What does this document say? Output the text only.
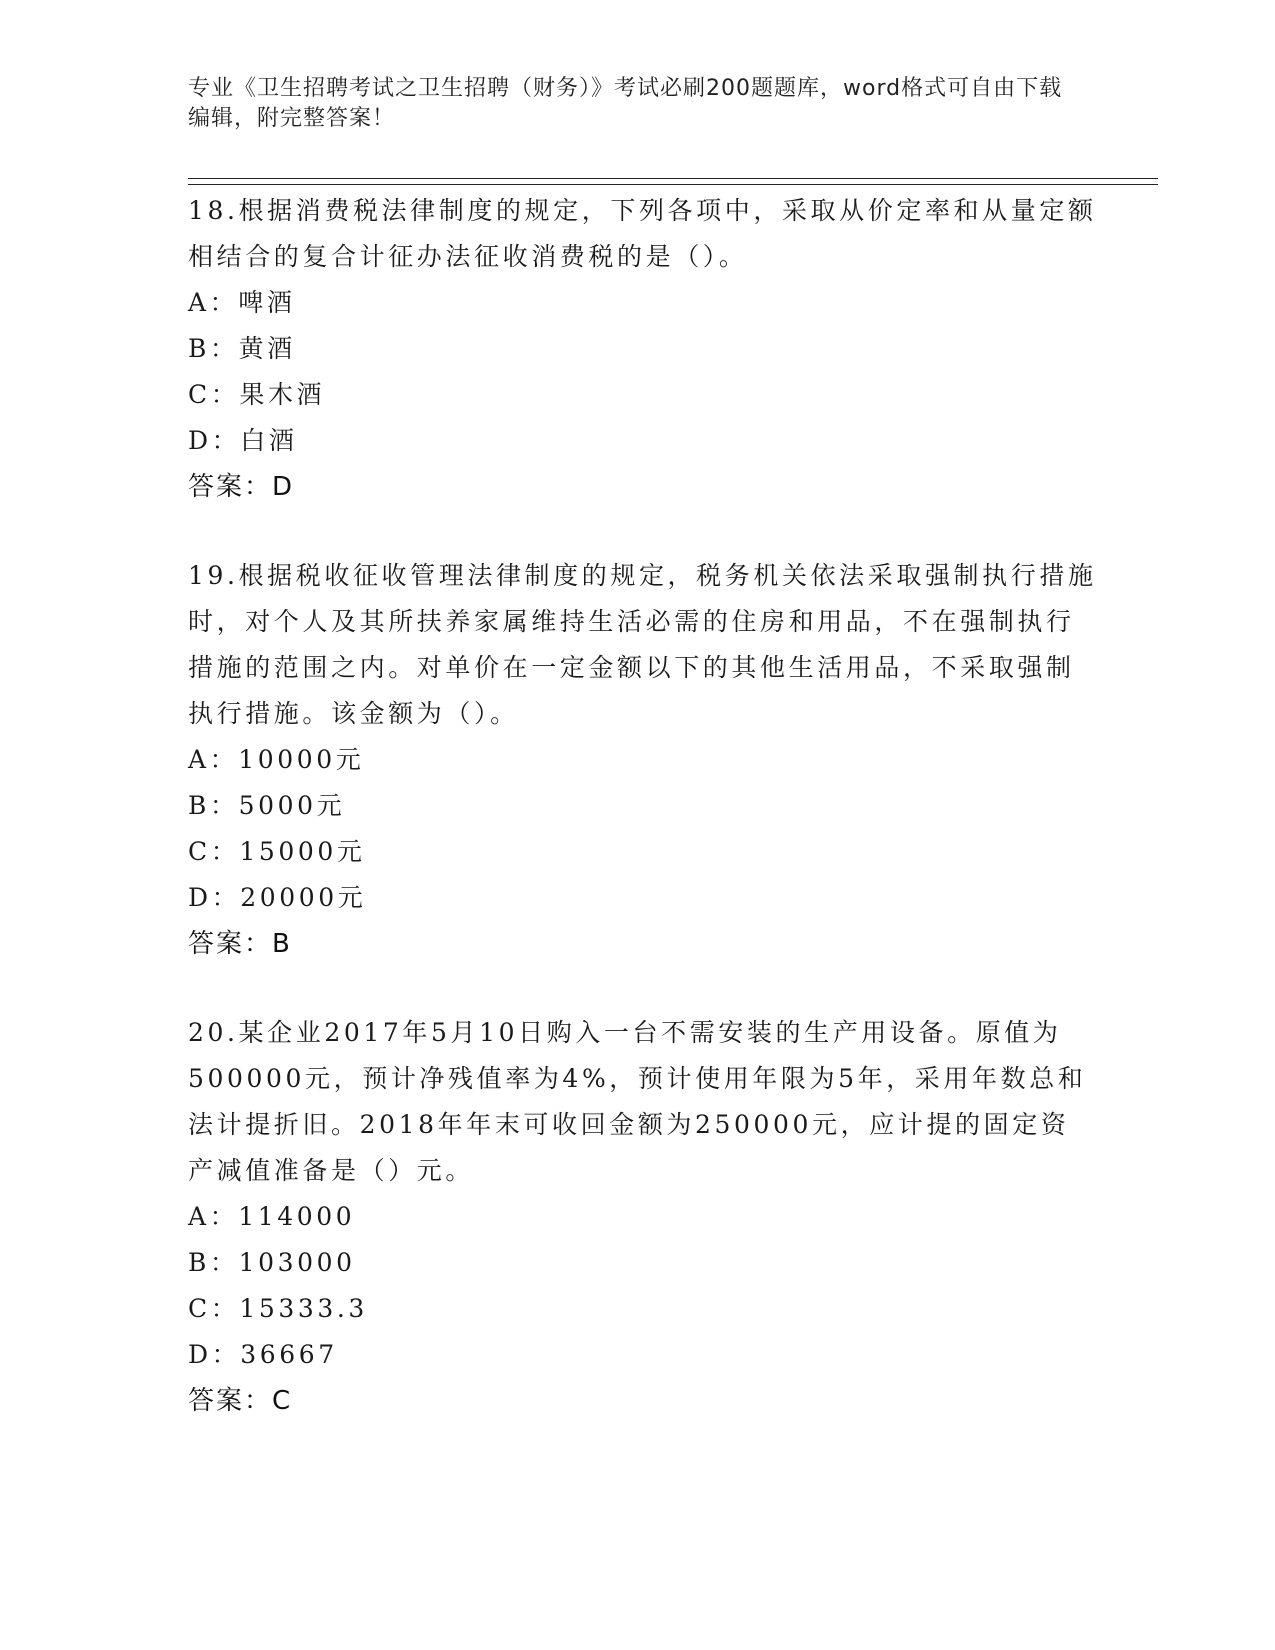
专业《卫生招聘考试之卫生招聘（财务）》考试必刷200题题库，word格式可自由下载编辑，附完整答案！

18.根据消费税法律制度的规定，下列各项中，采取从价定率和从量定额相结合的复合计征办法征收消费税的是（）。

A：啤酒

B：黄酒

C：果木酒

D：白酒

答案：D

19.根据税收征收管理法律制度的规定，税务机关依法采取强制执行措施时，对个人及其所扶养家属维持生活必需的住房和用品，不在强制执行措施的范围之内。对单价在一定金额以下的其他生活用品，不采取强制执行措施。该金额为（）。

A：10000元

B：5000元

C：15000元

D：20000元

答案：B

20.某企业2017年5月10日购入一台不需安装的生产用设备。原值为500000元，预计净残值率为4%，预计使用年限为5年，采用年数总和法计提折旧。2018年年末可收回金额为250000元，应计提的固定资产减值准备是（）元。

A：114000

B：103000

C：15333.3

D：36667

答案：C
